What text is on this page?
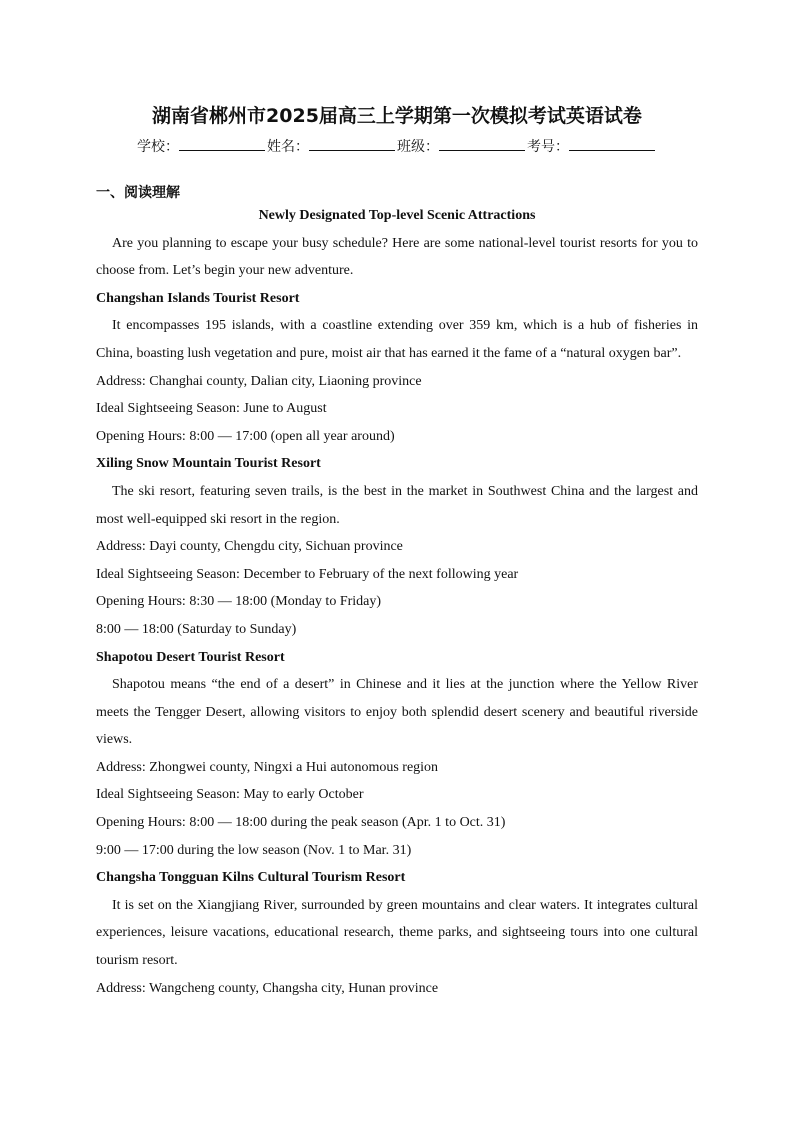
湖南省郴州市2025届高三上学期第一次模拟考试英语试卷
学校：	姓名：	班级：	考号：
一、阅读理解

Newly Designated Top-level Scenic Attractions

Are you planning to escape your busy schedule? Here are some national-level tourist resorts for you to choose from. Let’s begin your new adventure.

Changshan Islands Tourist Resort

It encompasses 195 islands, with a coastline extending over 359 km, which is a hub of fisheries in China, boasting lush vegetation and pure, moist air that has earned it the fame of a “natural oxygen bar”.

Address: Changhai county, Dalian city, Liaoning province

Ideal Sightseeing Season: June to August

Opening Hours: 8:00 — 17:00 (open all year around)

Xiling Snow Mountain Tourist Resort

The ski resort, featuring seven trails, is the best in the market in Southwest China and the largest and most well-equipped ski resort in the region.

Address: Dayi county, Chengdu city, Sichuan province

Ideal Sightseeing Season: December to February of the next following year

Opening Hours: 8:30 — 18:00 (Monday to Friday)

8:00 — 18:00 (Saturday to Sunday)

Shapotou Desert Tourist Resort

Shapotou means “the end of a desert” in Chinese and it lies at the junction where the Yellow River meets the Tengger Desert, allowing visitors to enjoy both splendid desert scenery and beautiful riverside views.

Address: Zhongwei county, Ningxi a Hui autonomous region

Ideal Sightseeing Season: May to early October

Opening Hours: 8:00 — 18:00 during the peak season (Apr. 1 to Oct. 31)

9:00 — 17:00 during the low season (Nov. 1 to Mar. 31)

Changsha Tongguan Kilns Cultural Tourism Resort

It is set on the Xiangjiang River, surrounded by green mountains and clear waters. It integrates cultural experiences, leisure vacations, educational research, theme parks, and sightseeing tours into one cultural tourism resort.

Address: Wangcheng county, Changsha city, Hunan province
